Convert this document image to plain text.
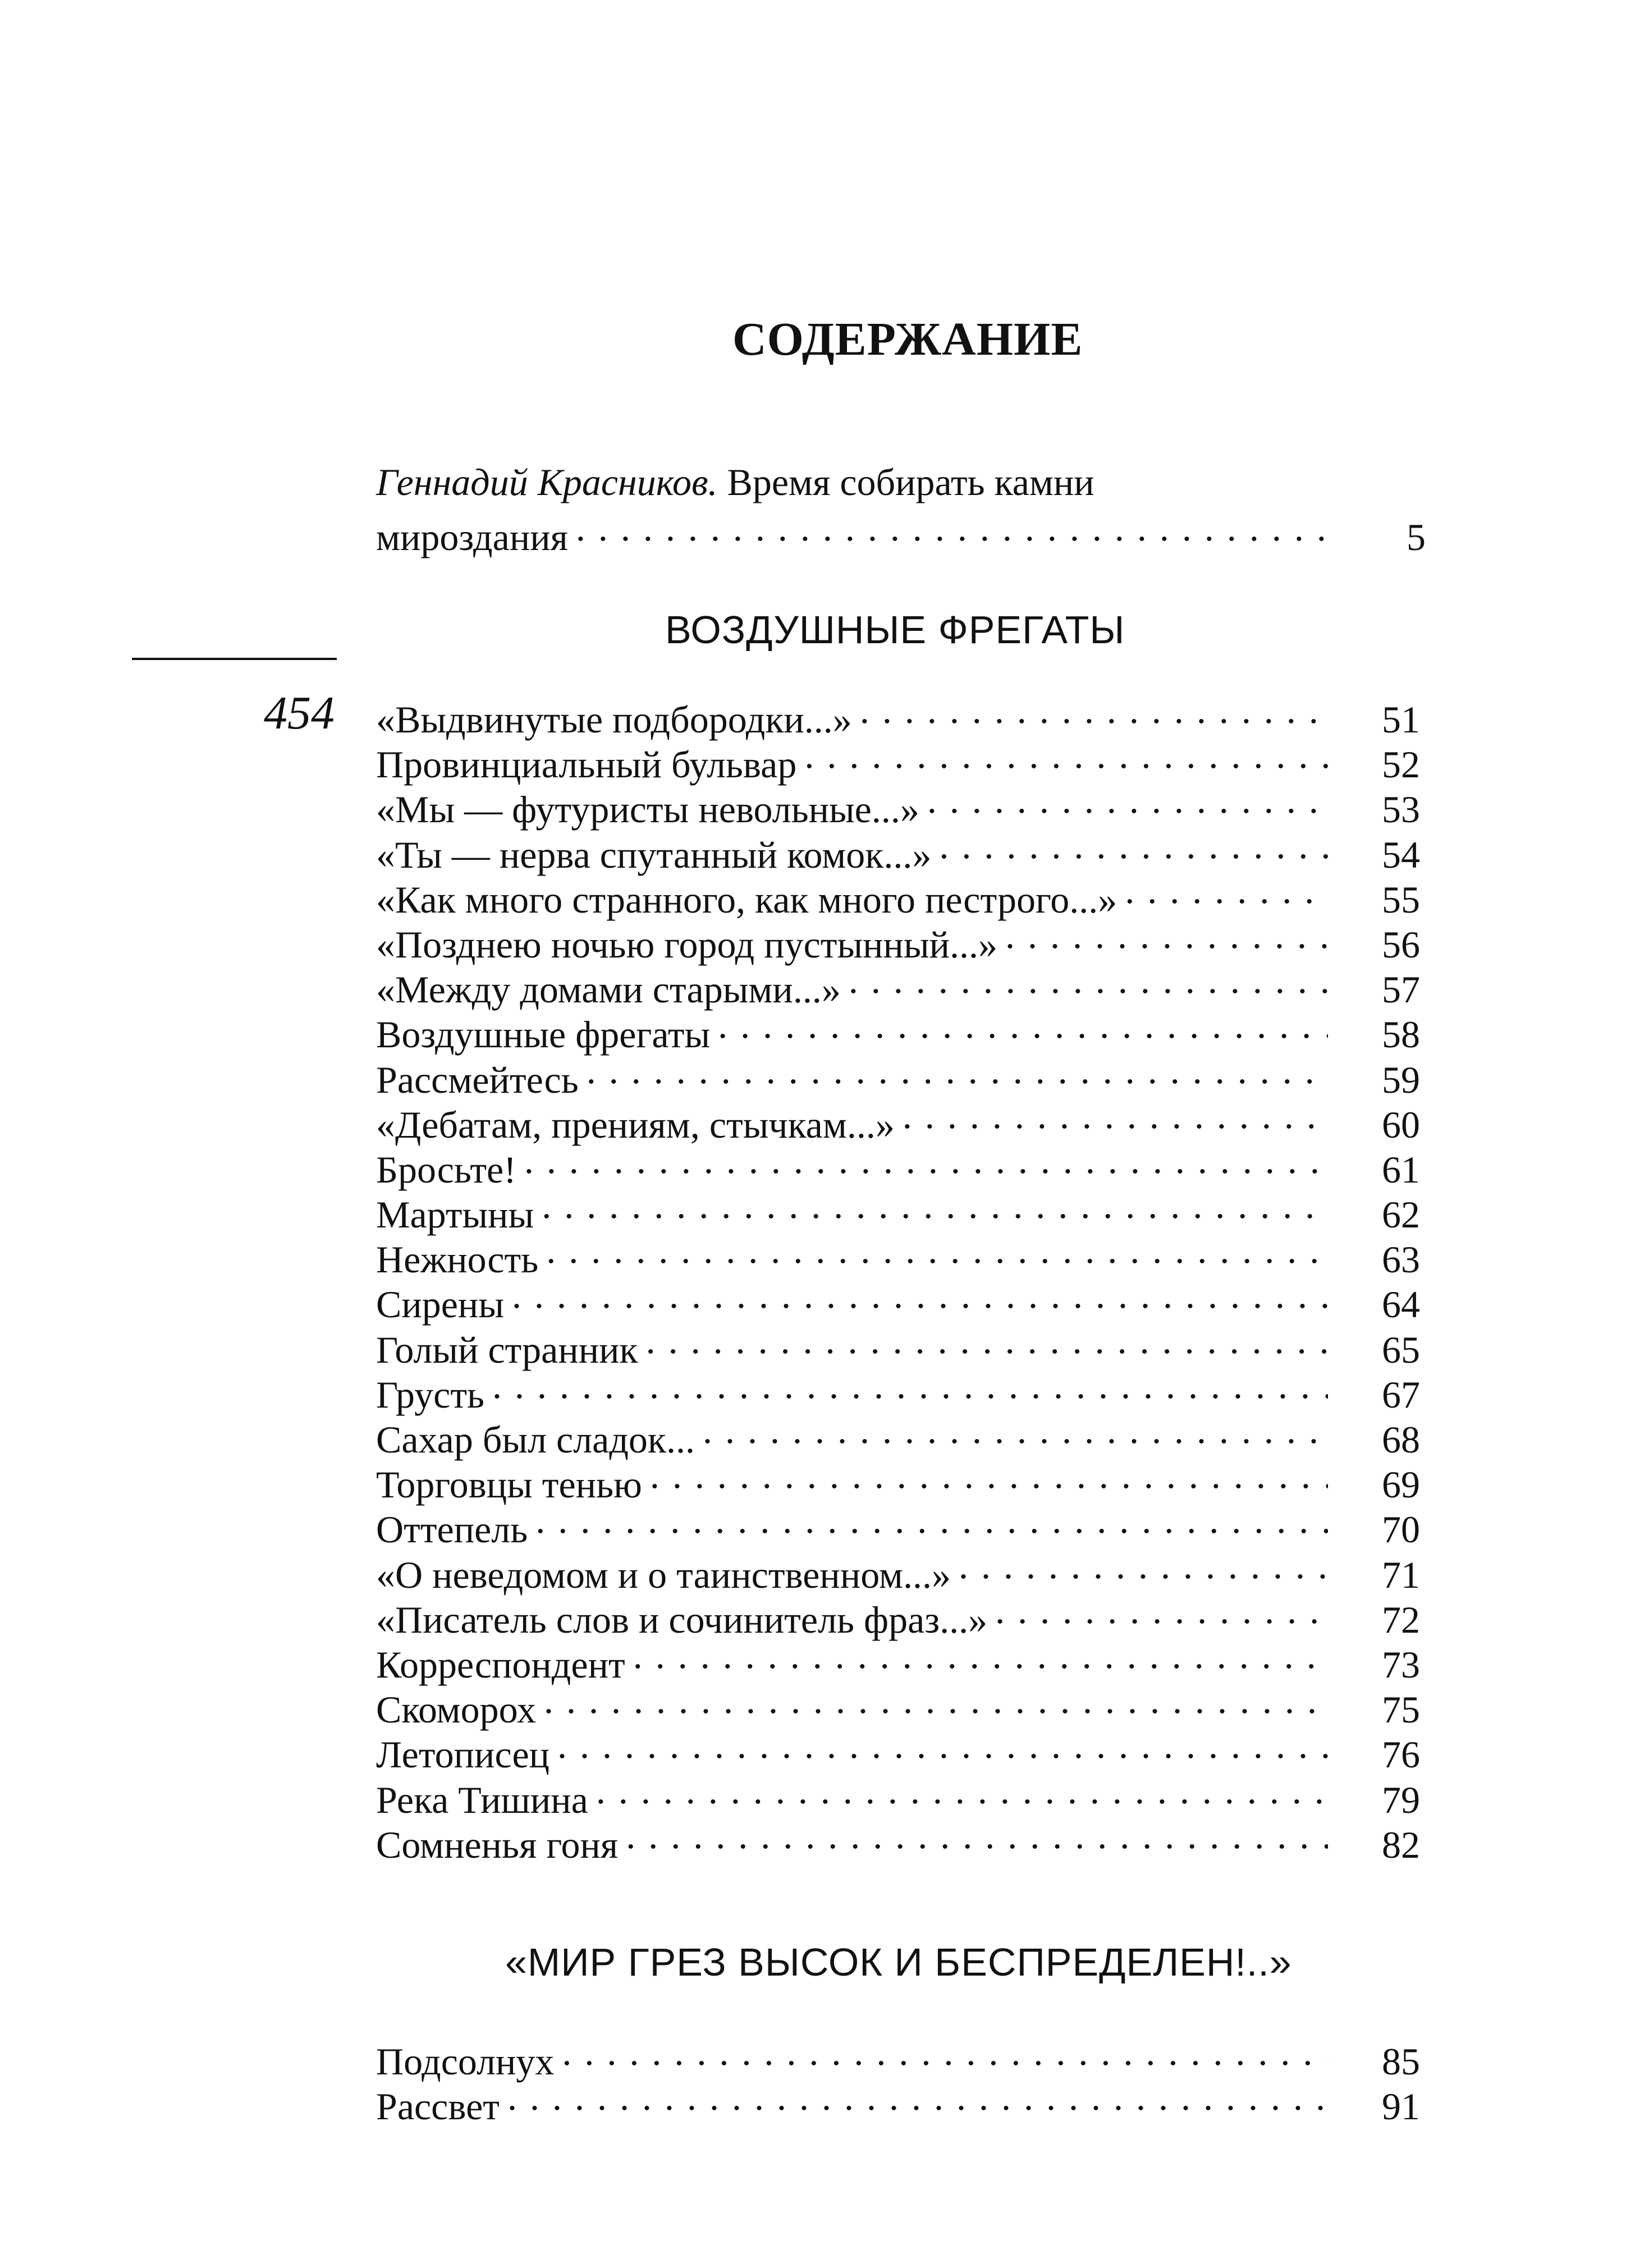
СОДЕРЖАНИЕ
Геннадий Красников. Время собирать камни
мироздания . . .	5
454
ВОЗДУШНЫЕ ФРЕГАТЫ
«Выдвинутые подбородки...» . . .	51
Провинциальный бульвар . . .	52
«Мы — футуристы невольные...» . . .	53
«Ты — нерва спутанный комок...» . . .	54
«Как много странного, как много пестрого...» . . .	55
«Позднею ночью город пустынный...» . . .	56
«Между домами старыми...» . . .	57
Воздушные фрегаты . . .	58
Рассмейтесь . . .	59
«Дебатам, прениям, стычкам...» . . .	60
Бросьте! . . .	61
Мартыны . . .	62
Нежность . . .	63
Сирены . . .	64
Голый странник . . .	65
Грусть . . .	67
Сахар был сладок... . . .	68
Торговцы тенью . . .	69
Оттепель . . .	70
«О неведомом и о таинственном...» . . .	71
«Писатель слов и сочинитель фраз...» . . .	72
Корреспондент . . .	73
Скоморох . . .	75
Летописец . . .	76
Река Тишина . . .	79
Сомненья гоня . . .	82
«МИР ГРЕЗ ВЫСОК И БЕСПРЕДЕЛЕН!..»
Подсолнух . . .	85
Рассвет . . .	91
